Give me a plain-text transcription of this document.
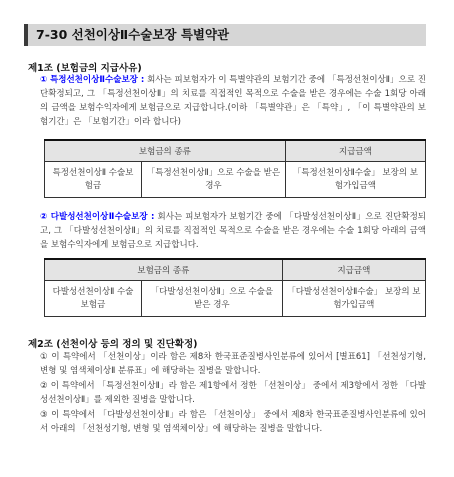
7-30 선천이상Ⅱ수술보장 특별약관
제1조 (보험금의 지급사유)
① 특정선천이상Ⅱ수술보장 : 회사는 피보험자가 이 특별약관의 보험기간 중에 「특정선천이상Ⅱ」으로 진단확정되고, 그 「특정선천이상Ⅱ」의 치료를 직접적인 목적으로 수술을 받은 경우에는 수술 1회당 아래의 금액을 보험수익자에게 보험금으로 지급합니다.(이하 「특별약관」은 「특약」, 「이 특별약관의 보험기간」은 「보험기간」이라 합니다)
보험금의 종류		지급금액
특정선천이상Ⅱ 수술보험금	「특정선천이상Ⅱ」으로 수술을 받은 경우	「특정선천이상Ⅱ수술」 보장의 보험가입금액
② 다발성선천이상Ⅱ수술보장 : 회사는 피보험자가 보험기간 중에 「다발성선천이상Ⅱ」으로 진단확정되고, 그 「다발성선천이상Ⅱ」의 치료를 직접적인 목적으로 수술을 받은 경우에는 수술 1회당 아래의 금액을 보험수익자에게 보험금으로 지급합니다.
보험금의 종류		지급금액
다발성선천이상Ⅱ 수술보험금	「다발성선천이상Ⅱ」으로 수술을 받은 경우	「다발성선천이상Ⅱ수술」 보장의 보험가입금액
제2조 (선천이상 등의 정의 및 진단확정)
① 이 특약에서 「선천이상」이라 함은 제8차 한국표준질병사인분류에 있어서 [별표61] 「선천성기형, 변형 및 염색체이상Ⅱ 분류표」에 해당하는 질병을 말합니다.
② 이 특약에서 「특정선천이상Ⅱ」라 함은 제1항에서 정한 「선천이상」 중에서 제3항에서 정한 「다발성선천이상Ⅱ」를 제외한 질병을 말합니다.
③ 이 특약에서 「다발성선천이상Ⅱ」라 함은 「선천이상」 중에서 제8차 한국표준질병사인분류에 있어서 아래의 「선천성기형, 변형 및 염색체이상」에 해당하는 질병을 말합니다.
